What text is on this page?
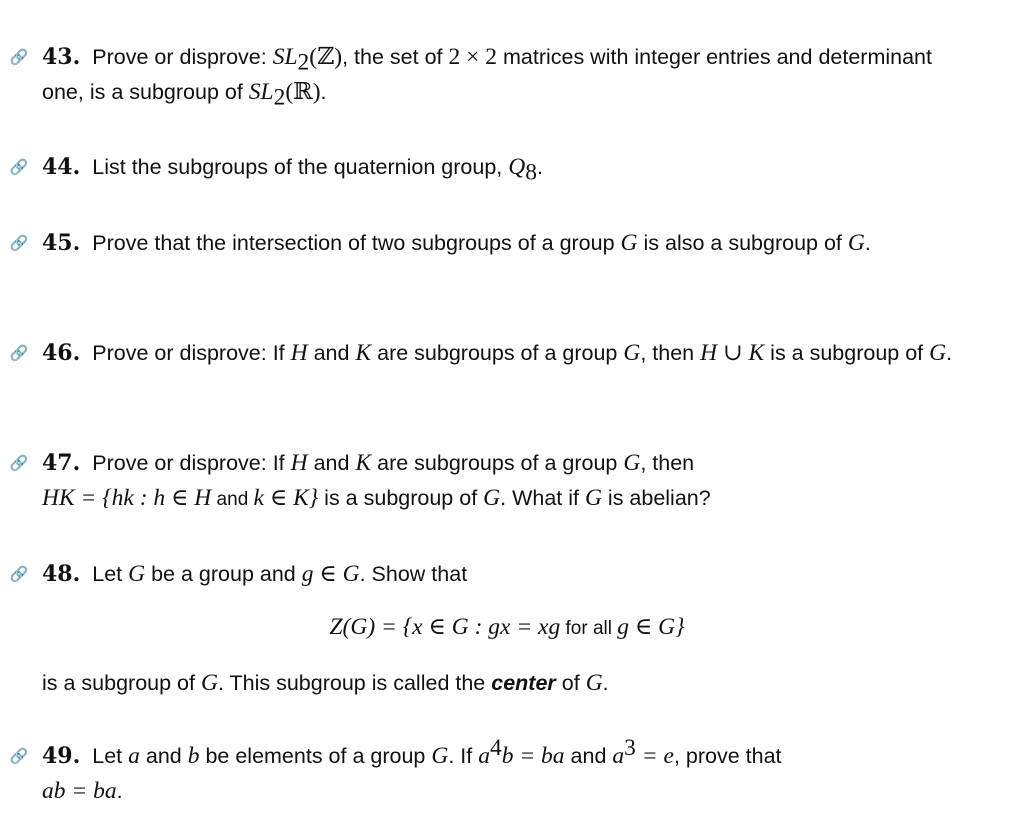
🔗 43. Prove or disprove: $SL_2(ℤ)$, the set of 2 × 2 matrices with integer entries and determinant one, is a subgroup of $SL_2(ℝ)$.
🔗 44. List the subgroups of the quaternion group, $Q_8$.
🔗 45. Prove that the intersection of two subgroups of a group G is also a subgroup of G.
🔗 46. Prove or disprove: If H and K are subgroups of a group G, then H ∪ K is a subgroup of G.
🔗 47. Prove or disprove: If H and K are subgroups of a group G, then
HK = {hk : h ∈ H and k ∈ K} is a subgroup of G. What if G is abelian?
🔗 48. Let G be a group and g ∈ G. Show that
Z(G) = {x ∈ G : gx = xg for all g ∈ G}
is a subgroup of G. This subgroup is called the center of G.
🔗 49. Let a and b be elements of a group G. If $a^4b$ = ba and $a^3 = e$, prove that
ab = ba.
